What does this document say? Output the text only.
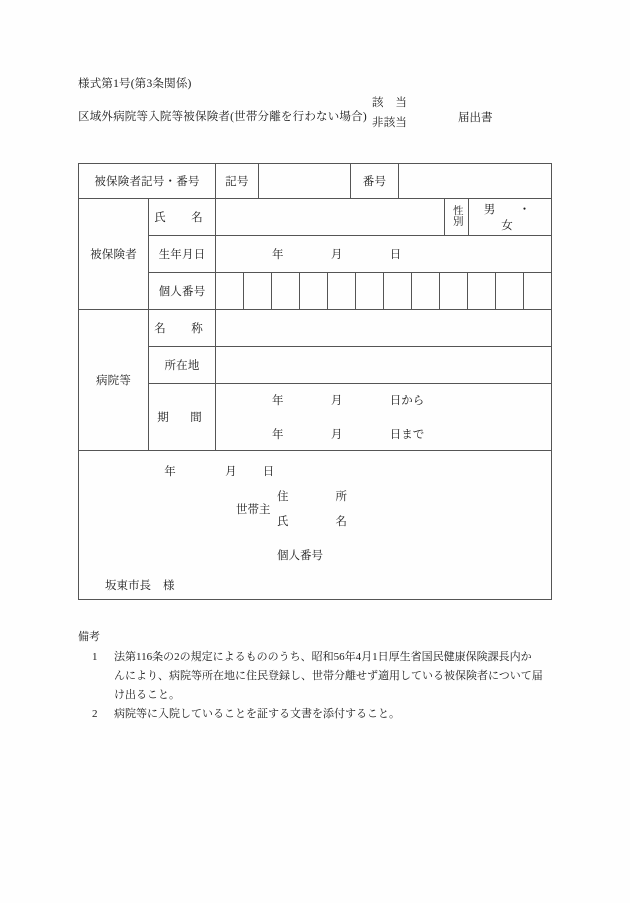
様式第1号(第3条関係)
区域外病院等入院等被保険者(世帯分離を行わない場合)
該　当
非該当	届出書
被保険者記号・番号		記号		番号			
被保険者	氏　名					性別	男　・　女
	生年月日	年 月 日					

	個人番号						

病院等	名　称						
	所在地						
	期　間	年 月 日から
年 月 日まで					

年	月 日
世帯主
住　　所
氏　　名
個人番号
坂東市長 様
備考
1	法第116条の2の規定によるもののうち、昭和56年4月1日厚生省国民健康保険課長内か
んにより、病院等所在地に住民登録し、世帯分離せず適用している被保険者について届
け出ること。
2	病院等に入院していることを証する文書を添付すること。
